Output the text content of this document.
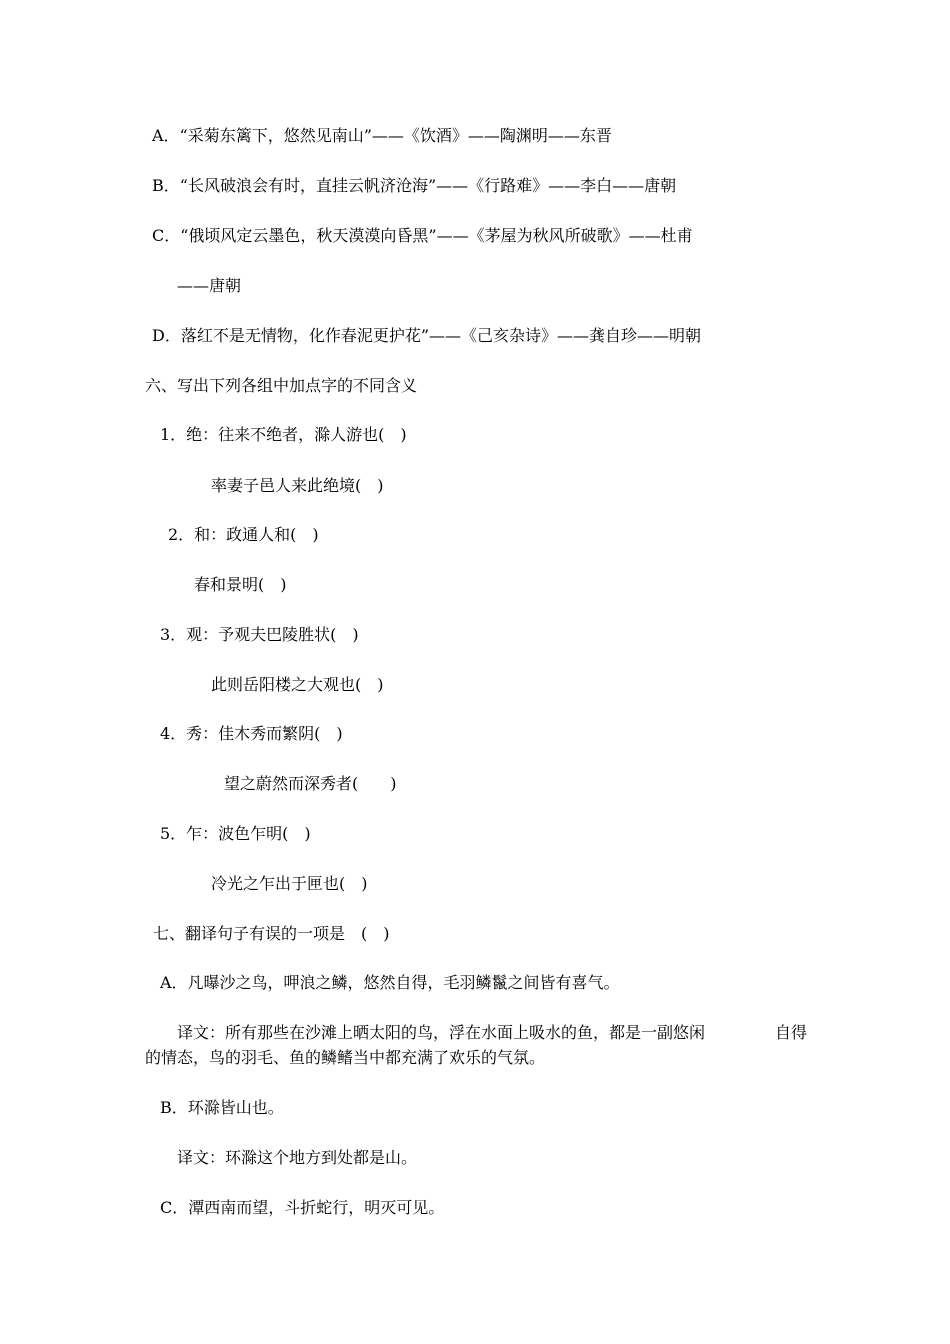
A．“采菊东篱下，悠然见南山”——《饮酒》——陶渊明——东晋
B．“长风破浪会有时，直挂云帆济沧海”——《行路难》——李白——唐朝
C．“俄顷风定云墨色，秋天漠漠向昏黑”——《茅屋为秋风所破歌》——杜甫
——唐朝
D．落红不是无情物，化作春泥更护花”——《己亥杂诗》——龚自珍——明朝
六、写出下列各组中加点字的不同含义
1．绝：往来不绝者，滁人游也(　)
率妻子邑人来此绝境(　)
2．和：政通人和(　)
春和景明(　)
3．观：予观夫巴陵胜状(　)
此则岳阳楼之大观也(　)
4．秀：佳木秀而繁阴(　)
望之蔚然而深秀者(　　)
5．乍：波色乍明(　)
冷光之乍出于匣也(　)
七、翻译句子有误的一项是　(　)
A．凡曝沙之鸟，呷浪之鳞，悠然自得，毛羽鳞鬣之间皆有喜气。
译文：所有那些在沙滩上晒太阳的鸟，浮在水面上吸水的鱼，都是一副悠闲	自得
的情态，鸟的羽毛、鱼的鳞鳍当中都充满了欢乐的气氛。
B．环滁皆山也。
译文：环滁这个地方到处都是山。
C．潭西南而望，斗折蛇行，明灭可见。
